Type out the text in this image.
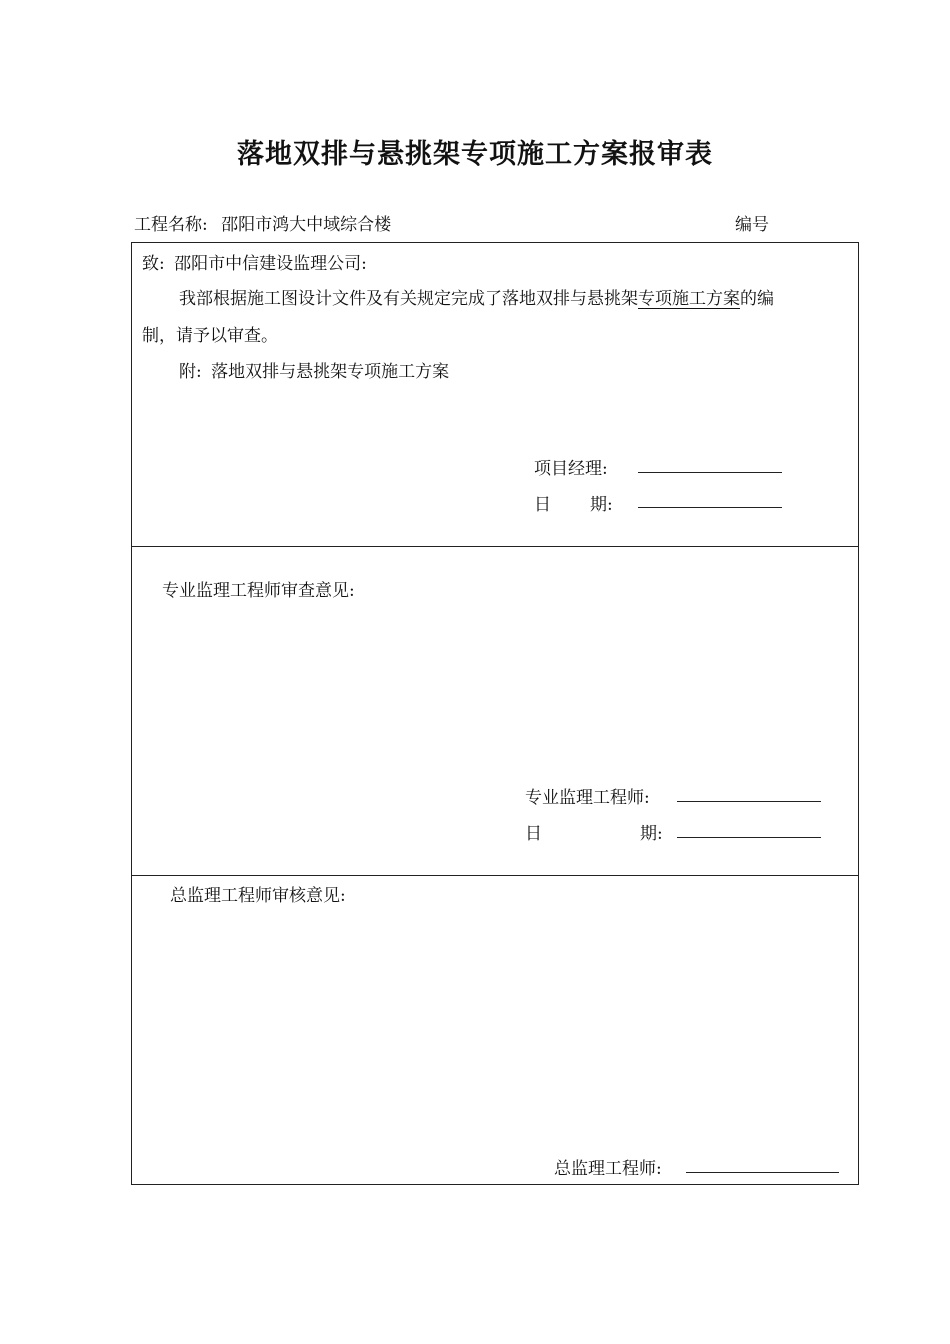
落地双排与悬挑架专项施工方案报审表
工程名称: 邵阳市鸿大中域综合楼	编号
致: 邵阳市中信建设监理公司:
我部根据施工图设计文件及有关规定完成了落地双排与悬挑架专项施工方案的编
制，请予以审查。
附: 落地双排与悬挑架专项施工方案
项目经理:
日 期:
专业监理工程师审查意见:
专业监理工程师:
日	期:
总监理工程师审核意见:
总监理工程师:
